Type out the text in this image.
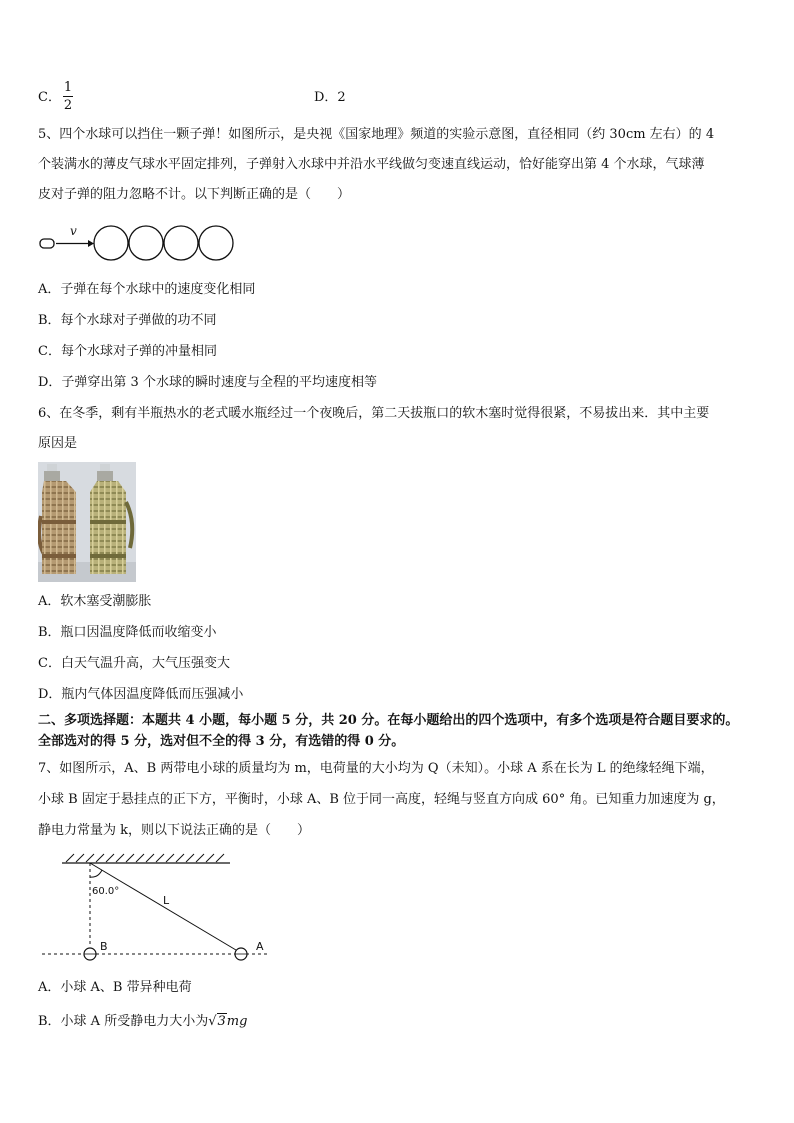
C．
1
2
D．2
5、四个水球可以挡住一颗子弹！如图所示，是央视《国家地理》频道的实验示意图，直径相同（约 30cm 左右）的 4
个装满水的薄皮气球水平固定排列，子弹射入水球中并沿水平线做匀变速直线运动，恰好能穿出第 4 个水球，气球薄
皮对子弹的阻力忽略不计。以下判断正确的是（　　）
v
A．子弹在每个水球中的速度变化相同
B．每个水球对子弹做的功不同
C．每个水球对子弹的冲量相同
D．子弹穿出第 3 个水球的瞬时速度与全程的平均速度相等
6、在冬季，剩有半瓶热水的老式暖水瓶经过一个夜晚后，第二天拔瓶口的软木塞时觉得很紧，不易拔出来．其中主要
原因是
A．软木塞受潮膨胀
B．瓶口因温度降低而收缩变小
C．白天气温升高，大气压强变大
D．瓶内气体因温度降低而压强减小
二、多项选择题：本题共 4 小题，每小题 5 分，共 20 分。在每小题给出的四个选项中，有多个选项是符合题目要求的。
全部选对的得 5 分，选对但不全的得 3 分，有选错的得 0 分。
7、如图所示，A、B 两带电小球的质量均为 m，电荷量的大小均为 Q（未知）。小球 A 系在长为 L 的绝缘轻绳下端，
小球 B 固定于悬挂点的正下方，平衡时，小球 A、B 位于同一高度，轻绳与竖直方向成 60° 角。已知重力加速度为 g，
静电力常量为 k，则以下说法正确的是（　　）
60.0°
L
B	A
A．小球 A、B 带异种电荷
B．小球 A 所受静电力大小为√3mg
